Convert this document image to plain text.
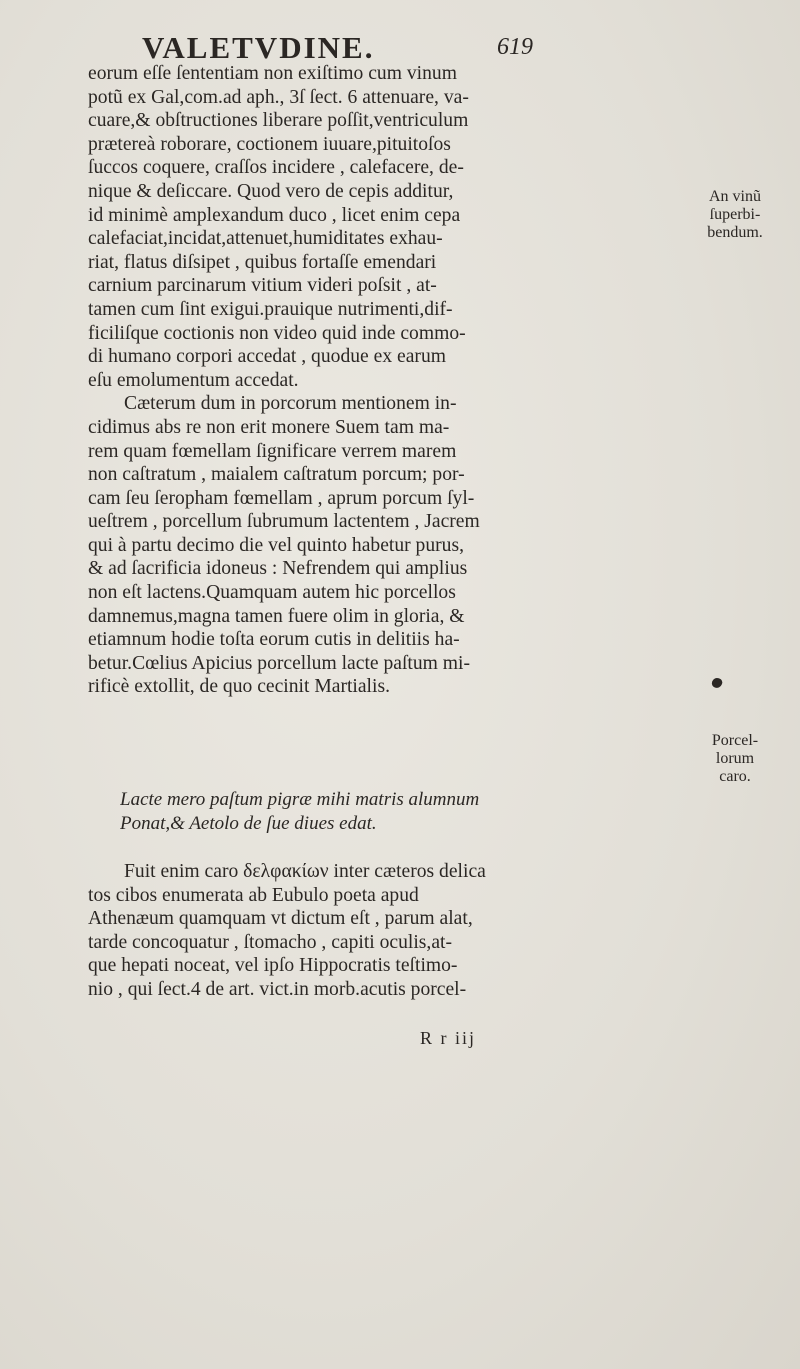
VALETVDINE.	619
eorum eſſe ſententiam non exiſtimo cum vinum
potũ ex Gal,com.ad aph., 3ſ ſect. 6 attenuare, va-
cuare,& obſtructiones liberare poſſit,ventriculum
prætereà roborare, coctionem iuuare,pituitoſos
ſuccos coquere, craſſos incidere , calefacere, de-
nique & deſiccare. Quod vero de cepis additur,
id minimè amplexandum duco , licet enim cepa
calefaciat,incidat,attenuet,humiditates exhau-
riat, flatus diſsipet , quibus fortaſſe emendari
carnium parcinarum vitium videri poſsit , at-
tamen cum ſint exigui.prauique nutrimenti,dif-
ficiliſque coctionis non video quid inde commo-
di humano corpori accedat , quodue ex earum
eſu emolumentum accedat.
Cæterum dum in porcorum mentionem in-
cidimus abs re non erit monere Suem tam ma-
rem quam fœmellam ſignificare verrem marem
non caſtratum , maialem caſtratum porcum; por-
cam ſeu ſeropham fœmellam , aprum porcum ſyl-
ueſtrem , porcellum ſubrumum lactentem , Jacrem
qui à partu decimo die vel quinto habetur purus,
& ad ſacrificia idoneus : Nefrendem qui amplius
non eſt lactens.Quamquam autem hic porcellos
damnemus,magna tamen fuere olim in gloria, &
etiamnum hodie toſta eorum cutis in delitiis ha-
betur.Cœlius Apicius porcellum lacte paſtum mi-
rificè extollit, de quo cecinit Martialis.
Lacte mero paſtum pigræ mihi matris alumnum
Ponat,& Aetolo de ſue diues edat.
Fuit enim caro δελφακίων inter cæteros delica
tos cibos enumerata ab Eubulo poeta apud
Athenæum quamquam vt dictum eſt , parum alat,
tarde concoquatur , ſtomacho , capiti oculis,at-
que hepati noceat, vel ipſo Hippocratis teſtimo-
nio , qui ſect.4 de art. vict.in morb.acutis porcel-
R r iij
An vinũ
ſuperbi-
bendum.
Porcel-
lorum
caro.
